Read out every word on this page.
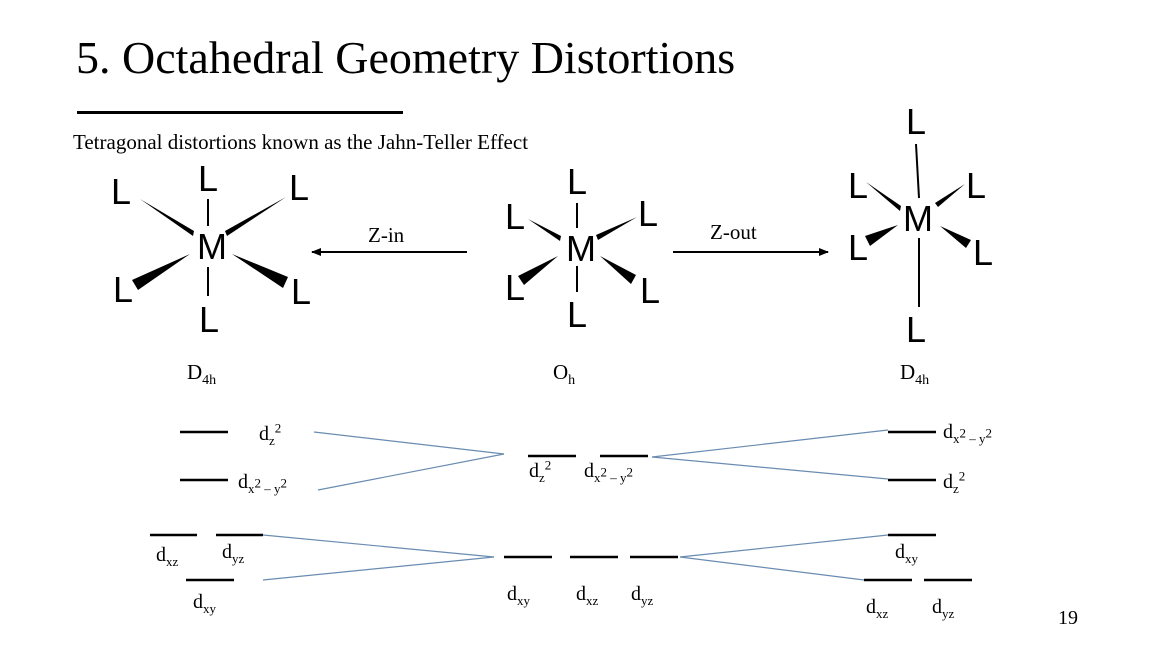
5. Octahedral Geometry Distortions
Tetragonal distortions known as the Jahn-Teller Effect
M
L
L	L
L	L
L
$D_{4h}$
M
L
L	L
L	L
L
$O_h$
M
L
L	L
L	L
L
$D_{4h}$
Z-in	Z-out
$d_z^2$
$d_{x^2 - y^2}$
$d_{xz}$ $d_{yz}$
$d_{xy}$
$d_z^2$ $d_{x^2 - y^2}$
$d_{xy}$ $d_{xz}$ $d_{yz}$
$d_{x^2 - y^2}$
$d_z^2$
$d_{xy}$
$d_{xz}$ $d_{yz}$	19
